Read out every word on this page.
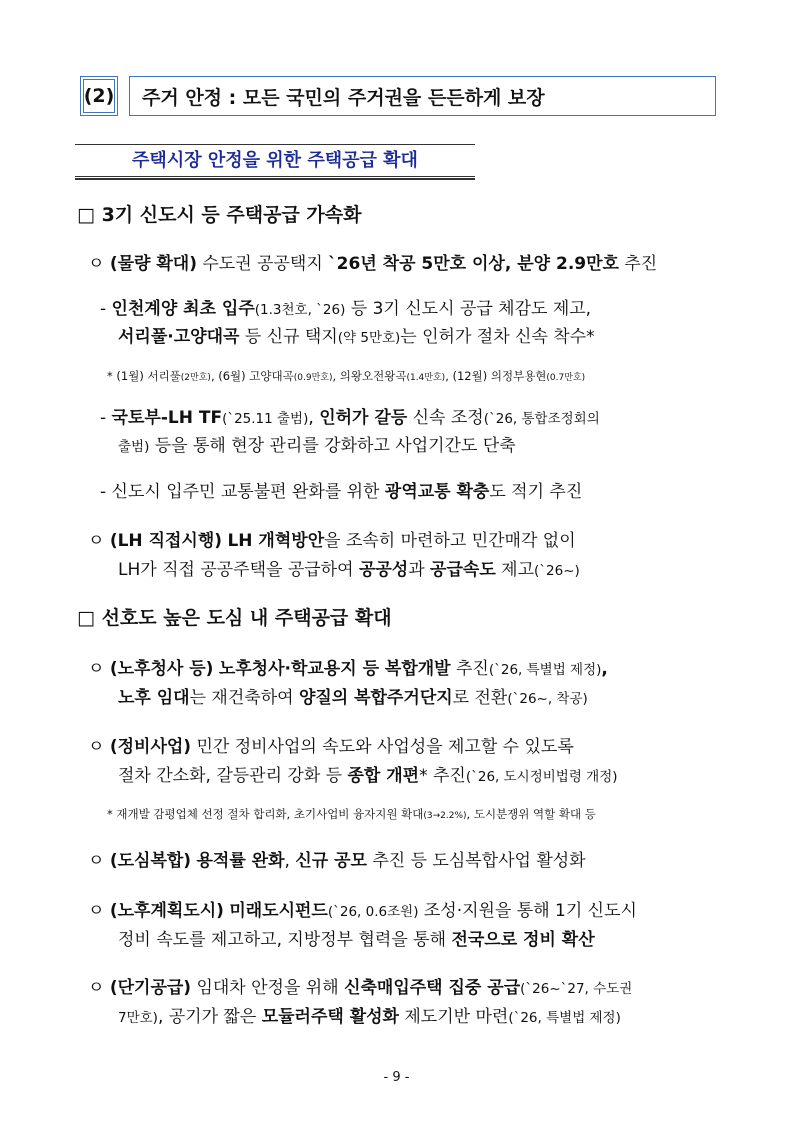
(2) 주거 안정 : 모든 국민의 주거권을 든든하게 보장
주택시장 안정을 위한 주택공급 확대
□ 3기 신도시 등 주택공급 가속화
ㅇ (물량 확대) 수도권 공공택지 `26년 착공 5만호 이상, 분양 2.9만호 추진
- 인천계양 최초 입주(1.3천호, `26) 등 3기 신도시 공급 체감도 제고,
서리풀·고양대곡 등 신규 택지(약 5만호)는 인허가 절차 신속 착수*
* (1월) 서리풀(2만호), (6월) 고양대곡(0.9만호), 의왕오전왕곡(1.4만호), (12월) 의정부용현(0.7만호)
- 국토부-LH TF(`25.11 출범), 인허가 갈등 신속 조정(`26, 통합조정회의
출범) 등을 통해 현장 관리를 강화하고 사업기간도 단축
- 신도시 입주민 교통불편 완화를 위한 광역교통 확충도 적기 추진
ㅇ (LH 직접시행) LH 개혁방안을 조속히 마련하고 민간매각 없이
LH가 직접 공공주택을 공급하여 공공성과 공급속도 제고(`26~)
□ 선호도 높은 도심 내 주택공급 확대
ㅇ (노후청사 등) 노후청사·학교용지 등 복합개발 추진(`26, 특별법 제정),
노후 임대는 재건축하여 양질의 복합주거단지로 전환(`26~, 착공)
ㅇ (정비사업) 민간 정비사업의 속도와 사업성을 제고할 수 있도록
절차 간소화, 갈등관리 강화 등 종합 개편* 추진(`26, 도시정비법령 개정)
* 재개발 감평업체 선정 절차 합리화, 초기사업비 융자지원 확대(3→2.2%), 도시분쟁위 역할 확대 등
ㅇ (도심복합) 용적률 완화, 신규 공모 추진 등 도심복합사업 활성화
ㅇ (노후계획도시) 미래도시펀드(`26, 0.6조원) 조성·지원을 통해 1기 신도시
정비 속도를 제고하고, 지방정부 협력을 통해 전국으로 정비 확산
ㅇ (단기공급) 임대차 안정을 위해 신축매입주택 집중 공급(`26~`27, 수도권
7만호), 공기가 짧은 모듈러주택 활성화 제도기반 마련(`26, 특별법 제정)
- 9 -
